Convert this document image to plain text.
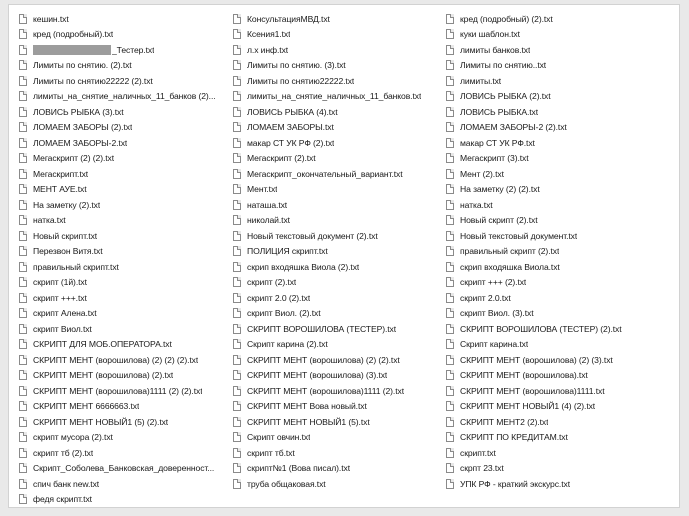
кешин.txt
кред (подробный).txt
_Тестер.txt
Лимиты по снятию. (2).txt
Лимиты по снятию22222 (2).txt
лимиты_на_снятие_наличных_11_банков (2)...
ЛОВИСЬ РЫБКА (3).txt
ЛОМАЕМ ЗАБОРЫ (2).txt
ЛОМАЕМ ЗАБОРЫ-2.txt
Мегаскрипт (2) (2).txt
Мегаскрипт.txt
МЕНТ АУЕ.txt
На заметку (2).txt
натка.txt
Новый скрипт.txt
Перезвон Витя.txt
правильный скрипт.txt
скрипт (1й).txt
скрипт +++.txt
скрипт Алена.txt
скрипт Виол.txt
СКРИПТ ДЛЯ МОБ.ОПЕРАТОРА.txt
СКРИПТ МЕНТ (ворошилова) (2) (2) (2).txt
СКРИПТ МЕНТ (ворошилова) (2).txt
СКРИПТ МЕНТ (ворошилова)1111 (2) (2).txt
СКРИПТ МЕНТ 6666663.txt
СКРИПТ МЕНТ НОВЫЙ1 (5) (2).txt
скрипт мусора (2).txt
скрипт тб (2).txt
Скрипт_Соболева_Банковская_доверенност...
спич банк new.txt
федя скрипт.txt
КонсультацияМВД.txt
Ксения1.txt
л.х инф.txt
Лимиты по снятию. (3).txt
Лимиты по снятию22222.txt
лимиты_на_снятие_наличных_11_банков.txt
ЛОВИСЬ РЫБКА (4).txt
ЛОМАЕМ ЗАБОРЫ.txt
макар СТ УК РФ (2).txt
Мегаскрипт (2).txt
Мегаскрипт_окончательный_вариант.txt
Мент.txt
наташа.txt
николай.txt
Новый текстовый документ (2).txt
ПОЛИЦИЯ скрипт.txt
скрип входяшка Виола (2).txt
скрипт (2).txt
скрипт 2.0 (2).txt
скрипт Виол. (2).txt
СКРИПТ ВОРОШИЛОВА (ТЕСТЕР).txt
Скрипт карина (2).txt
СКРИПТ МЕНТ (ворошилова) (2) (2).txt
СКРИПТ МЕНТ (ворошилова) (3).txt
СКРИПТ МЕНТ (ворошилова)1111 (2).txt
СКРИПТ МЕНТ Вова новый.txt
СКРИПТ МЕНТ НОВЫЙ1 (5).txt
Скрипт овчин.txt
скрипт тб.txt
скрипт№1 (Вова писал).txt
труба общаковая.txt
кред (подробный) (2).txt
куки шаблон.txt
лимиты банков.txt
Лимиты по снятию..txt
лимиты.txt
ЛОВИСЬ РЫБКА (2).txt
ЛОВИСЬ РЫБКА.txt
ЛОМАЕМ ЗАБОРЫ-2 (2).txt
макар СТ УК РФ.txt
Мегаскрипт (3).txt
Мент (2).txt
На заметку (2) (2).txt
натка.txt
Новый скрипт (2).txt
Новый текстовый документ.txt
правильный скрипт (2).txt
скрип входяшка Виола.txt
скрипт +++ (2).txt
скрипт 2.0.txt
скрипт Виол. (3).txt
СКРИПТ ВОРОШИЛОВА (ТЕСТЕР) (2).txt
Скрипт карина.txt
СКРИПТ МЕНТ (ворошилова) (2) (3).txt
СКРИПТ МЕНТ (ворошилова).txt
СКРИПТ МЕНТ (ворошилова)1111.txt
СКРИПТ МЕНТ НОВЫЙ1 (4) (2).txt
СКРИПТ МЕНТ2 (2).txt
СКРИПТ ПО КРЕДИТАМ.txt
скрипт.txt
скрпт 23.txt
УПК РФ - краткий экскурс.txt
